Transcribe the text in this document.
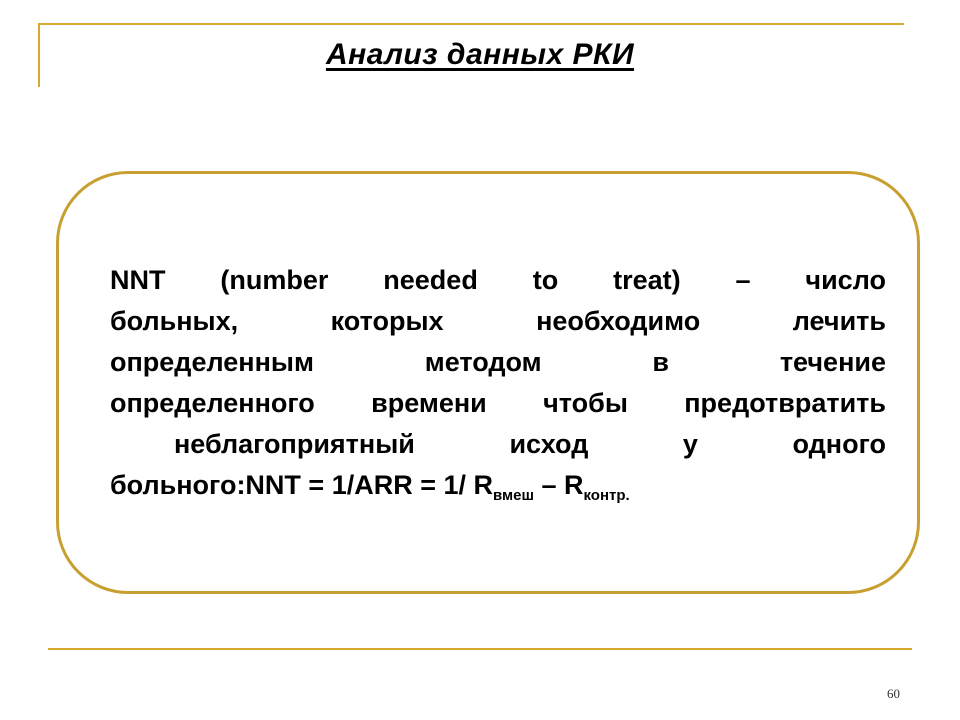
Анализ данных РКИ
NNT (number needed to treat) – число
больных, которых необходимо лечить
определенным методом в течение
определенного времени чтобы предотвратить
неблагоприятный исход у одного
больного:NNT = 1/ARR = 1/ $R_{вмеш} - R_{контр.}$
60
